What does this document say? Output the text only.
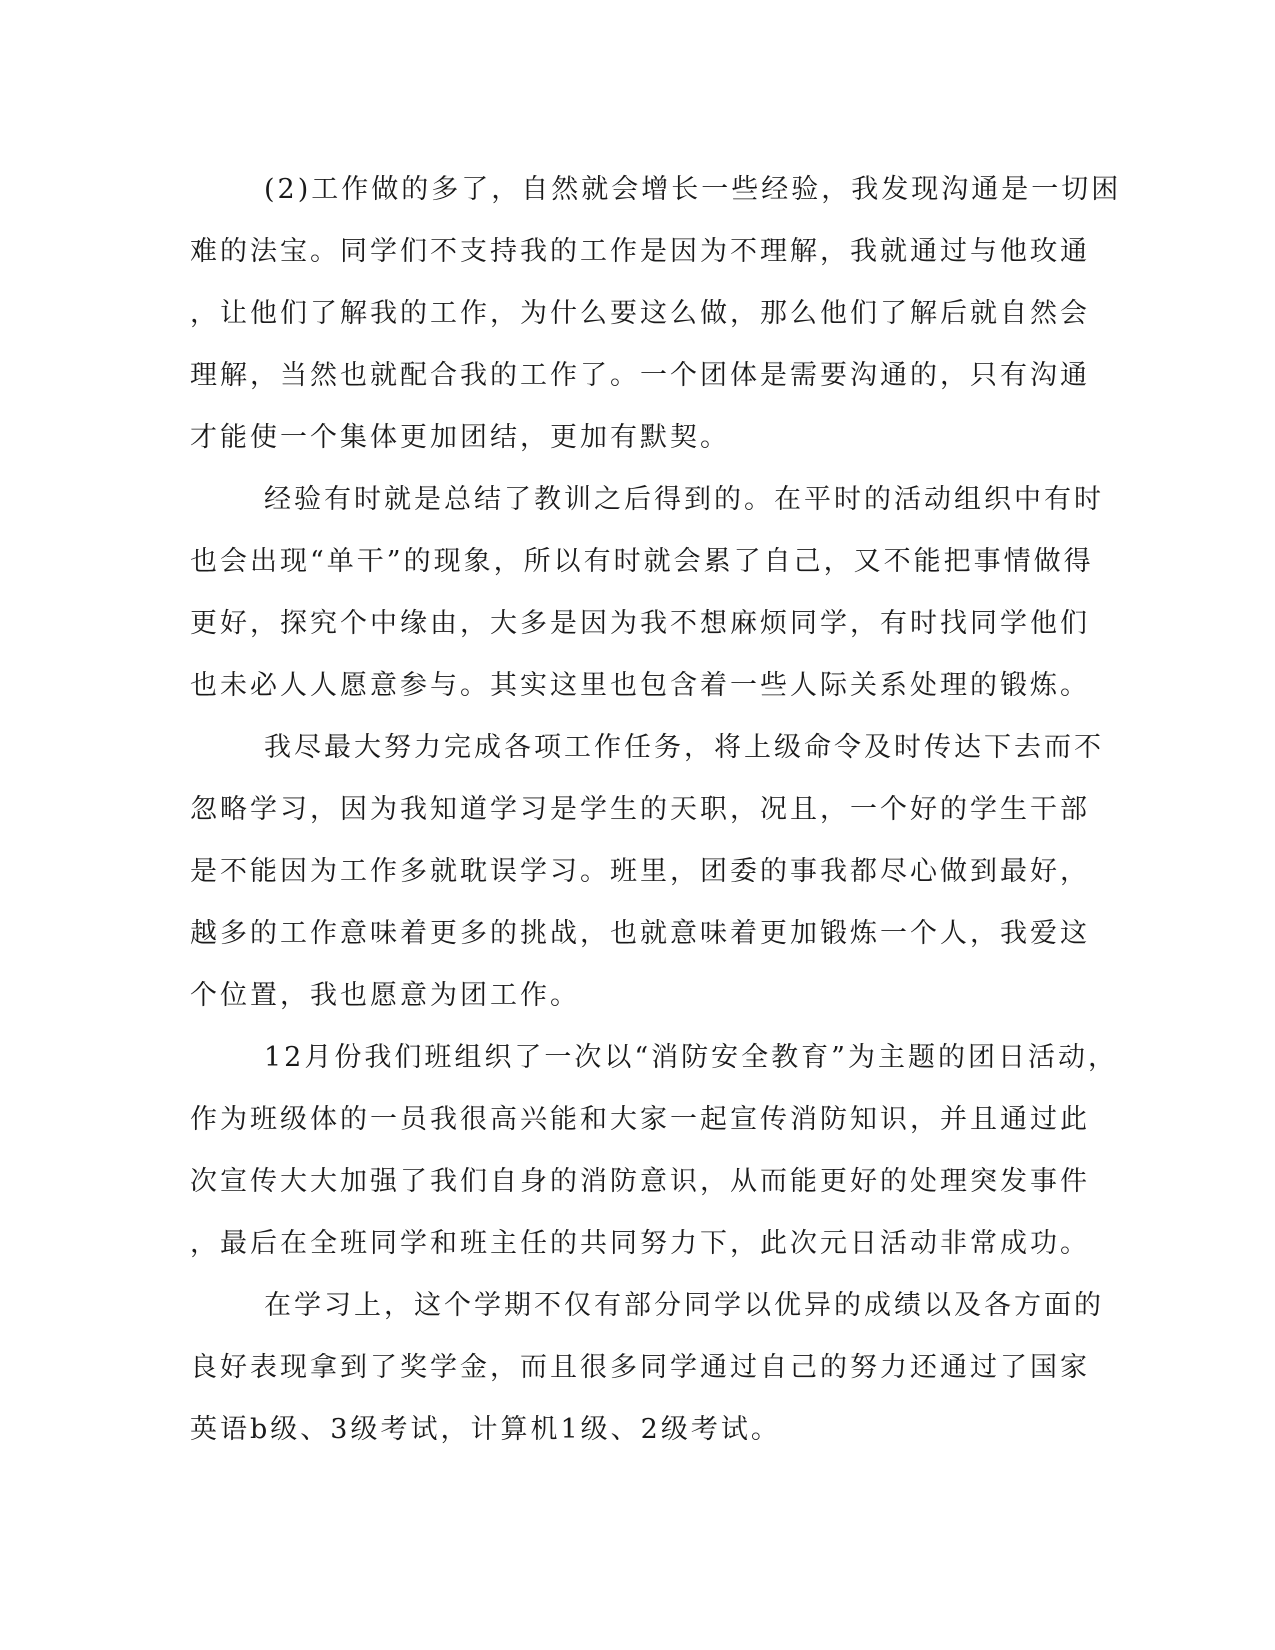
(2)工作做的多了，自然就会增长一些经验，我发现沟通是一切困
难的法宝。同学们不支持我的工作是因为不理解，我就通过与他玫通
，让他们了解我的工作，为什么要这么做，那么他们了解后就自然会
理解，当然也就配合我的工作了。一个团体是需要沟通的，只有沟通
才能使一个集体更加团结，更加有默契。

经验有时就是总结了教训之后得到的。在平时的活动组织中有时
也会出现“单干”的现象，所以有时就会累了自己，又不能把事情做得
更好，探究个中缘由，大多是因为我不想麻烦同学，有时找同学他们
也未必人人愿意参与。其实这里也包含着一些人际关系处理的锻炼。

我尽最大努力完成各项工作任务，将上级命令及时传达下去而不
忽略学习，因为我知道学习是学生的天职，况且，一个好的学生干部
是不能因为工作多就耽误学习。班里，团委的事我都尽心做到最好，
越多的工作意味着更多的挑战，也就意味着更加锻炼一个人，我爱这
个位置，我也愿意为团工作。

12月份我们班组织了一次以“消防安全教育”为主题的团日活动，
作为班级体的一员我很高兴能和大家一起宣传消防知识，并且通过此
次宣传大大加强了我们自身的消防意识，从而能更好的处理突发事件
，最后在全班同学和班主任的共同努力下，此次元日活动非常成功。

在学习上，这个学期不仅有部分同学以优异的成绩以及各方面的
良好表现拿到了奖学金，而且很多同学通过自己的努力还通过了国家
英语b级、3级考试，计算机1级、2级考试。
